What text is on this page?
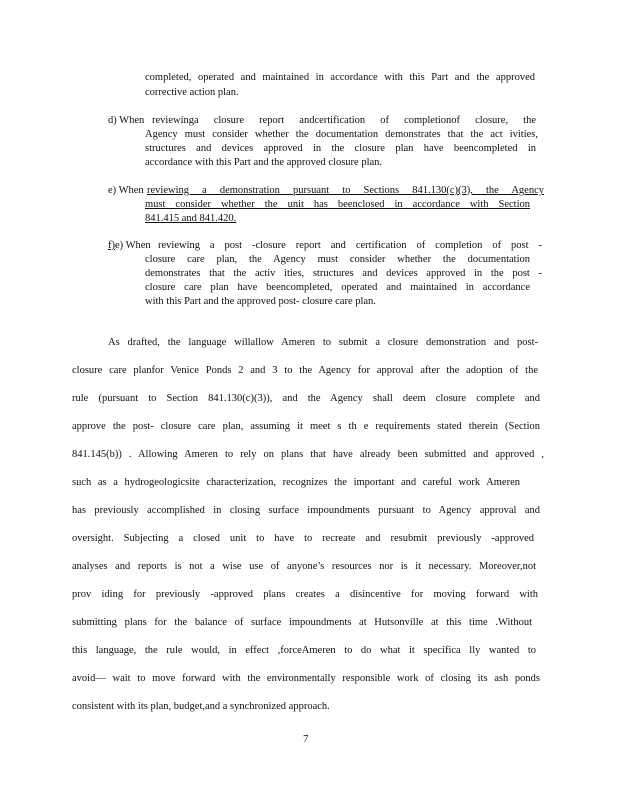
completed, operated and maintained in accordance with this Part and the approved
corrective action plan.
d) When reviewinga closure report andcertification of completionof closure, the
Agency must consider whether the documentation demonstrates that the act ivities,
structures and devices approved in the closure plan have beencompleted in
accordance with this Part and the approved closure plan.
e) When reviewing a demonstration pursuant to Sections 841.130(c)(3), the Agency
must consider whether the unit has beenclosed in accordance with Section
841.415 and 841.420.
f)e) When reviewing a post -closure report and certification of completion of post -
closure care plan, the Agency must consider whether the documentation
demonstrates that the activ ities, structures and devices approved in the post -
closure care plan have beencompleted, operated and maintained in accordance
with this Part and the approved post- closure care plan.
As drafted, the language willallow Ameren to submit a closure demonstration and post-
closure care planfor Venice Ponds 2 and 3 to the Agency for approval after the adoption of the
rule (pursuant to Section 841.130(c)(3)), and the Agency shall deem closure complete and
approve the post- closure care plan, assuming it meet s th e requirements stated therein (Section
841.145(b)) . Allowing Ameren to rely on plans that have already been submitted and approved ,
such as a hydrogeologicsite characterization, recognizes the important and careful work Ameren
has previously accomplished in closing surface impoundments pursuant to Agency approval and
oversight. Subjecting a closed unit to have to recreate and resubmit previously -approved
analyses and reports is not a wise use of anyone’s resources nor is it necessary. Moreover,not
prov iding for previously -approved plans creates a disincentive for moving forward with
submitting plans for the balance of surface impoundments at Hutsonville at this time .Without
this language, the rule would, in effect ,forceAmeren to do what it specifica lly wanted to
avoid— wait to move forward with the environmentally responsible work of closing its ash ponds
consistent with its plan, budget,and a synchronized approach.
7
